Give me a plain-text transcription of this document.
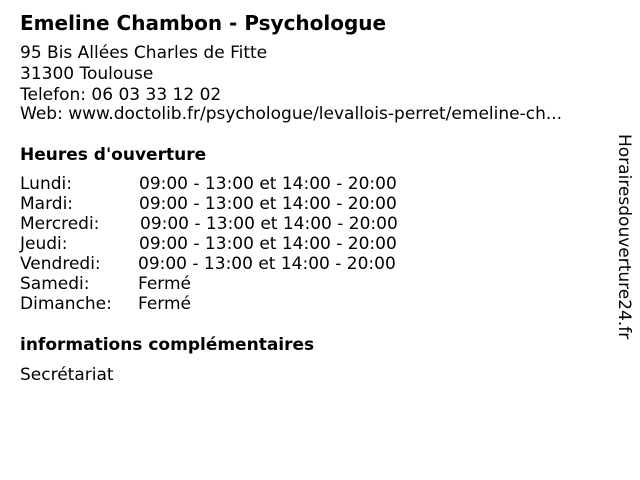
Emeline Chambon - Psychologue
95 Bis Allées Charles de Fitte
31300 Toulouse
Telefon: 06 03 33 12 02
Web: www.doctolib.fr/psychologue/levallois-perret/emeline-ch...
Heures d'ouverture
Lundi:	09:00 - 13:00 et 14:00 - 20:00
Mardi:	09:00 - 13:00 et 14:00 - 20:00
Mercredi: 09:00 - 13:00 et 14:00 - 20:00
Jeudi:	09:00 - 13:00 et 14:00 - 20:00
Vendredi: 09:00 - 13:00 et 14:00 - 20:00
Samedi:	Fermé
Dimanche: Fermé
informations complémentaires
Secrétariat
Horairesdouverture24.fr
